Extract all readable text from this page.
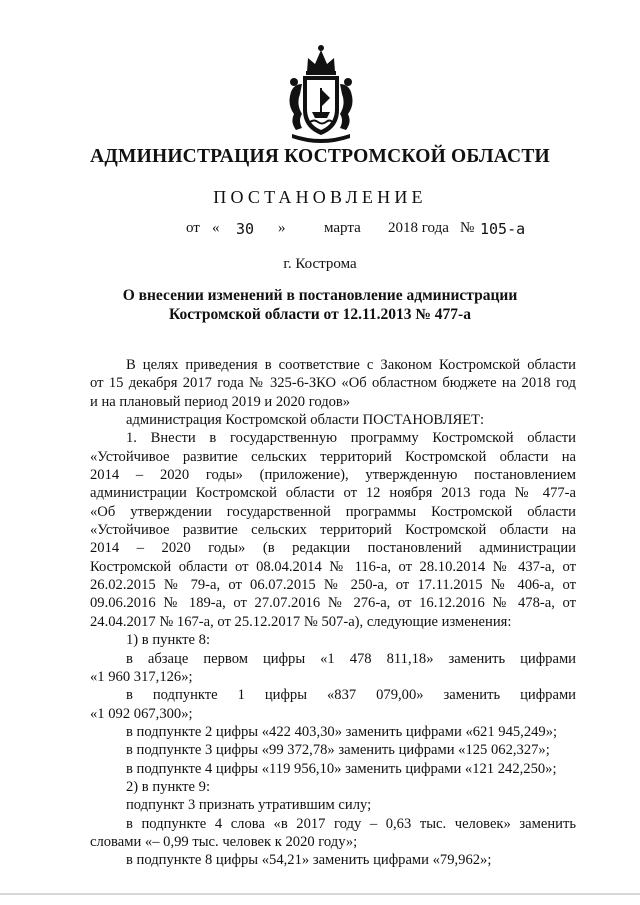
АДМИНИСТРАЦИЯ КОСТРОМСКОЙ ОБЛАСТИ
ПОСТАНОВЛЕНИЕ
от « 30 »	марта 2018 года № 105-а
г. Кострома
О внесении изменений в постановление администрации
Костромской области от 12.11.2013 № 477-а

В целях приведения в соответствие с Законом Костромской области

от 15 декабря 2017 года № 325-6-ЗКО «Об областном бюджете на 2018 год

и на плановый период 2019 и 2020 годов»

администрация Костромской области ПОСТАНОВЛЯЕТ:

1. Внести в государственную программу Костромской области

«Устойчивое развитие сельских территорий Костромской области на

2014 – 2020 годы» (приложение), утвержденную постановлением

администрации Костромской области от 12 ноября 2013 года № 477-а

«Об утверждении государственной программы Костромской области

«Устойчивое развитие сельских территорий Костромской области на

2014 – 2020 годы» (в редакции постановлений администрации

Костромской области от 08.04.2014 № 116-а, от 28.10.2014 № 437-а, от

26.02.2015 № 79-а, от 06.07.2015 № 250-а, от 17.11.2015 № 406-а, от

09.06.2016 № 189-а, от 27.07.2016 № 276-а, от 16.12.2016 № 478-а, от

24.04.2017 № 167-а, от 25.12.2017 № 507-а), следующие изменения:

1) в пункте 8:

в абзаце первом цифры «1 478 811,18» заменить цифрами

«1 960 317,126»;

в подпункте 1 цифры «837 079,00» заменить цифрами

«1 092 067,300»;

в подпункте 2 цифры «422 403,30» заменить цифрами «621 945,249»;

в подпункте 3 цифры «99 372,78» заменить цифрами «125 062,327»;

в подпункте 4 цифры «119 956,10» заменить цифрами «121 242,250»;

2) в пункте 9:

подпункт 3 признать утратившим силу;

в подпункте 4 слова «в 2017 году – 0,63 тыс. человек» заменить

словами «– 0,99 тыс. человек к 2020 году»;

в подпункте 8 цифры «54,21» заменить цифрами «79,962»;
